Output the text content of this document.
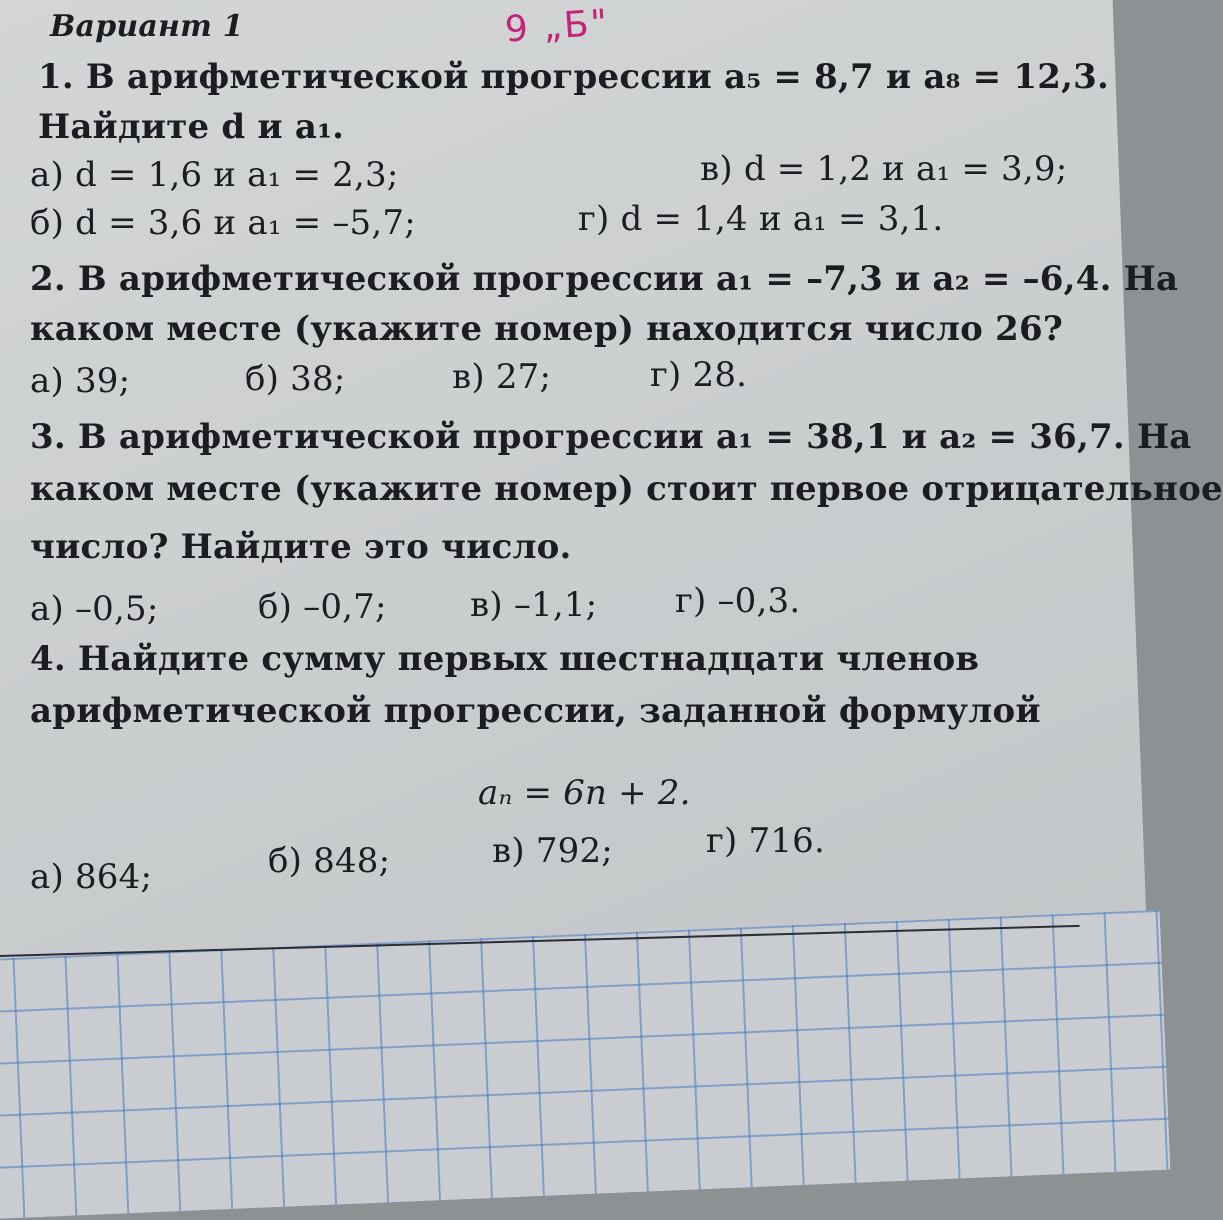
9 „Б"
Вариант 1
1. В арифметической прогрессии a₅ = 8,7 и a₈ = 12,3.
Найдите d и a₁.
а) d = 1,6 и a₁ = 2,3;	в) d = 1,2 и a₁ = 3,9;
б) d = 3,6 и a₁ = –5,7;	г) d = 1,4 и a₁ = 3,1.
2. В арифметической прогрессии a₁ = –7,3 и a₂ = –6,4. На
каком месте (укажите номер) находится число 26?
а) 39;	б) 38;	в) 27;	г) 28.
3. В арифметической прогрессии a₁ = 38,1 и a₂ = 36,7. На
каком месте (укажите номер) стоит первое отрицательное
число? Найдите это число.
а) –0,5;	б) –0,7; в) –1,1; г) –0,3.
4. Найдите сумму первых шестнадцати членов
арифметической прогрессии, заданной формулой
aₙ = 6n + 2.
а) 864;	б) 848;	в) 792;	г) 716.
